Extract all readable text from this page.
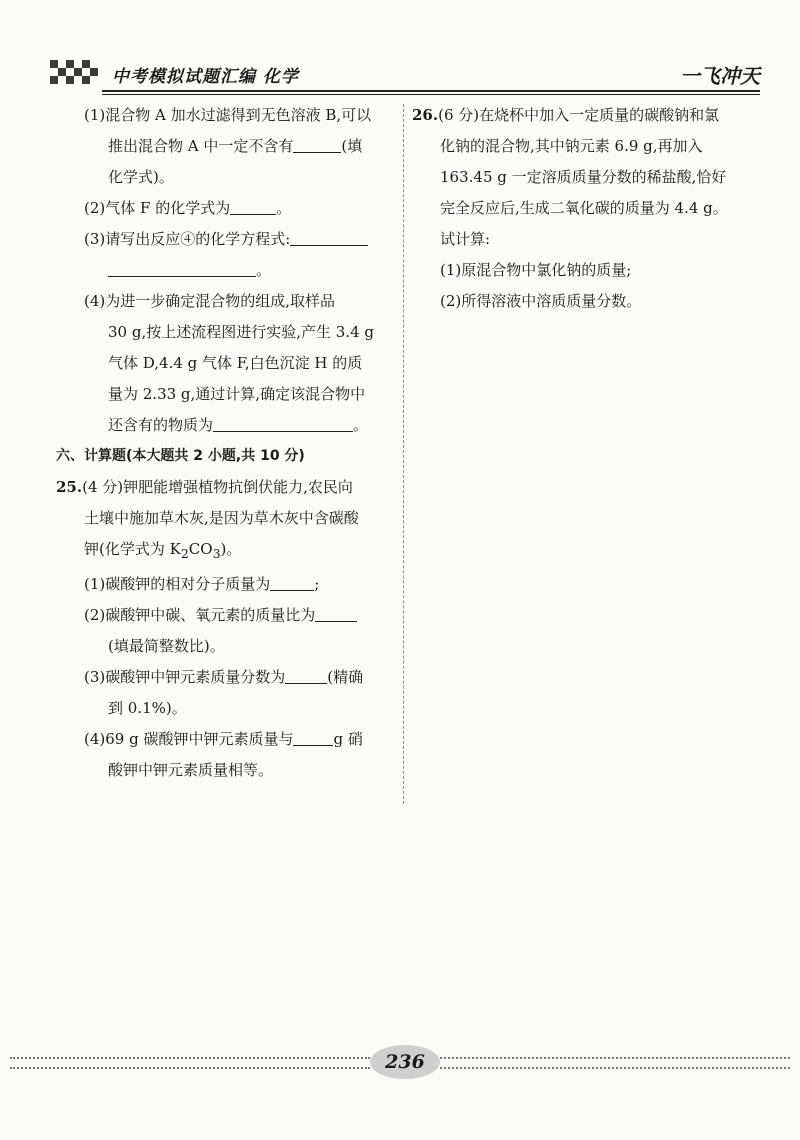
中考模拟试题汇编 化学	一飞冲天
(1)混合物 A 加水过滤得到无色溶液 B,可以
推出混合物 A 中一定不含有	(填
化学式)。
(2)气体 F 的化学式为	。
(3)请写出反应④的化学方程式:
。
(4)为进一步确定混合物的组成,取样品
30 g,按上述流程图进行实验,产生 3.4 g
气体 D,4.4 g 气体 F,白色沉淀 H 的质
量为 2.33 g,通过计算,确定该混合物中
还含有的物质为	。
六、计算题(本大题共 2 小题,共 10 分)
25.(4 分)钾肥能增强植物抗倒伏能力,农民向
土壤中施加草木灰,是因为草木灰中含碳酸
钾(化学式为 $K_2CO_3$)。
(1)碳酸钾的相对分子质量为	;
(2)碳酸钾中碳、氧元素的质量比为
(填最简整数比)。
(3)碳酸钾中钾元素质量分数为	(精确
到 0.1%)。
(4)69 g 碳酸钾中钾元素质量与	g 硝
酸钾中钾元素质量相等。
26.(6 分)在烧杯中加入一定质量的碳酸钠和氯
化钠的混合物,其中钠元素 6.9 g,再加入
163.45 g 一定溶质质量分数的稀盐酸,恰好
完全反应后,生成二氧化碳的质量为 4.4 g。
试计算:
(1)原混合物中氯化钠的质量;
(2)所得溶液中溶质质量分数。
236
